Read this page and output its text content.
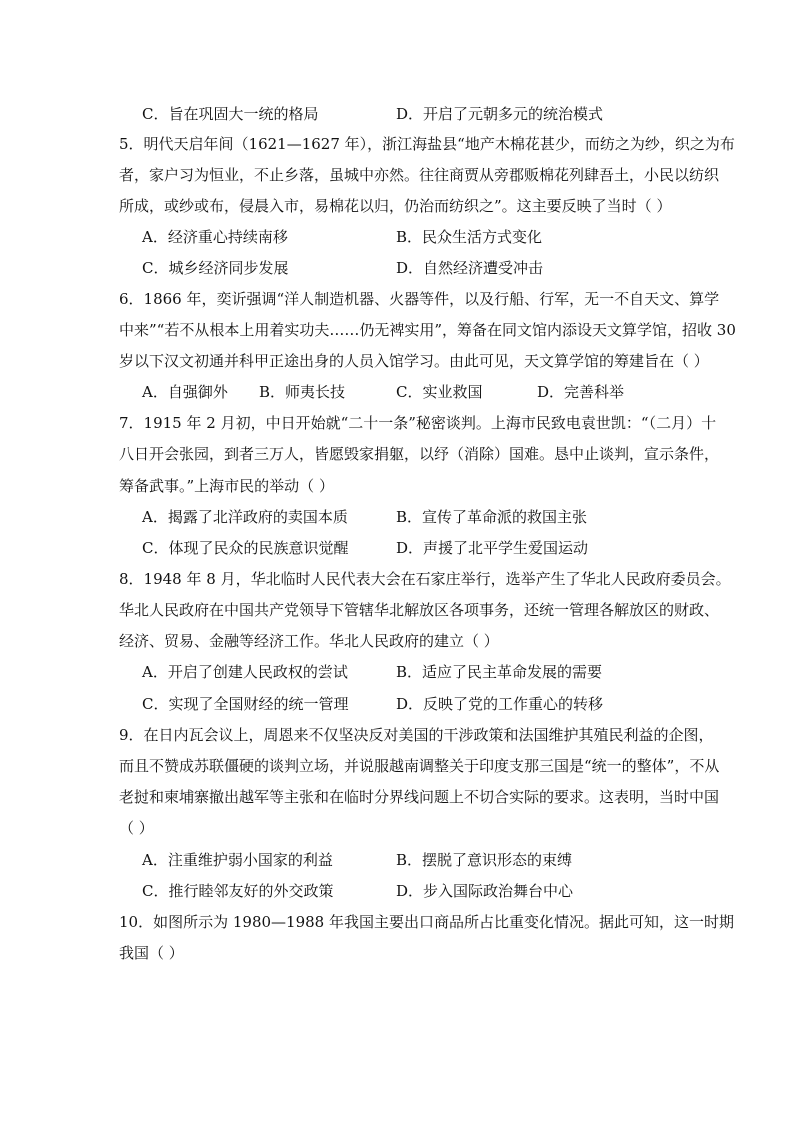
C．旨在巩固大一统的格局	D．开启了元朝多元的统治模式
5．明代天启年间（1621—1627 年），浙江海盐县“地产木棉花甚少，而纺之为纱，织之为布
者，家户习为恒业，不止乡落，虽城中亦然。往往商贾从旁郡贩棉花列肆吾土，小民以纺织
所成，或纱或布，侵晨入市，易棉花以归，仍治而纺织之”。这主要反映了当时（ ）
A．经济重心持续南移	B．民众生活方式变化
C．城乡经济同步发展	D．自然经济遭受冲击
6．1866 年，奕䜣强调“洋人制造机器、火器等件，以及行船、行军，无一不自天文、算学
中来”“若不从根本上用着实功夫……仍无裨实用”，筹备在同文馆内添设天文算学馆，招收 30
岁以下汉文初通并科甲正途出身的人员入馆学习。由此可见，天文算学馆的筹建旨在（ ）
A．自强御外 B．师夷长技	C．实业救国	D．完善科举
7．1915 年 2 月初，中日开始就“二十一条”秘密谈判。上海市民致电袁世凯：“（二月）十
八日开会张园，到者三万人，皆愿毁家捐躯，以纾（消除）国难。恳中止谈判，宣示条件，
筹备武事。”上海市民的举动（ ）
A．揭露了北洋政府的卖国本质	B．宣传了革命派的救国主张
C．体现了民众的民族意识觉醒	D．声援了北平学生爱国运动
8．1948 年 8 月，华北临时人民代表大会在石家庄举行，选举产生了华北人民政府委员会。
华北人民政府在中国共产党领导下管辖华北解放区各项事务，还统一管理各解放区的财政、
经济、贸易、金融等经济工作。华北人民政府的建立（ ）
A．开启了创建人民政权的尝试	B．适应了民主革命发展的需要
C．实现了全国财经的统一管理	D．反映了党的工作重心的转移
9．在日内瓦会议上，周恩来不仅坚决反对美国的干涉政策和法国维护其殖民利益的企图，
而且不赞成苏联僵硬的谈判立场，并说服越南调整关于印度支那三国是“统一的整体”，不从
老挝和柬埔寨撤出越军等主张和在临时分界线问题上不切合实际的要求。这表明，当时中国
（ ）
A．注重维护弱小国家的利益	B．摆脱了意识形态的束缚
C．推行睦邻友好的外交政策	D．步入国际政治舞台中心
10．如图所示为 1980—1988 年我国主要出口商品所占比重变化情况。据此可知，这一时期
我国（ ）
